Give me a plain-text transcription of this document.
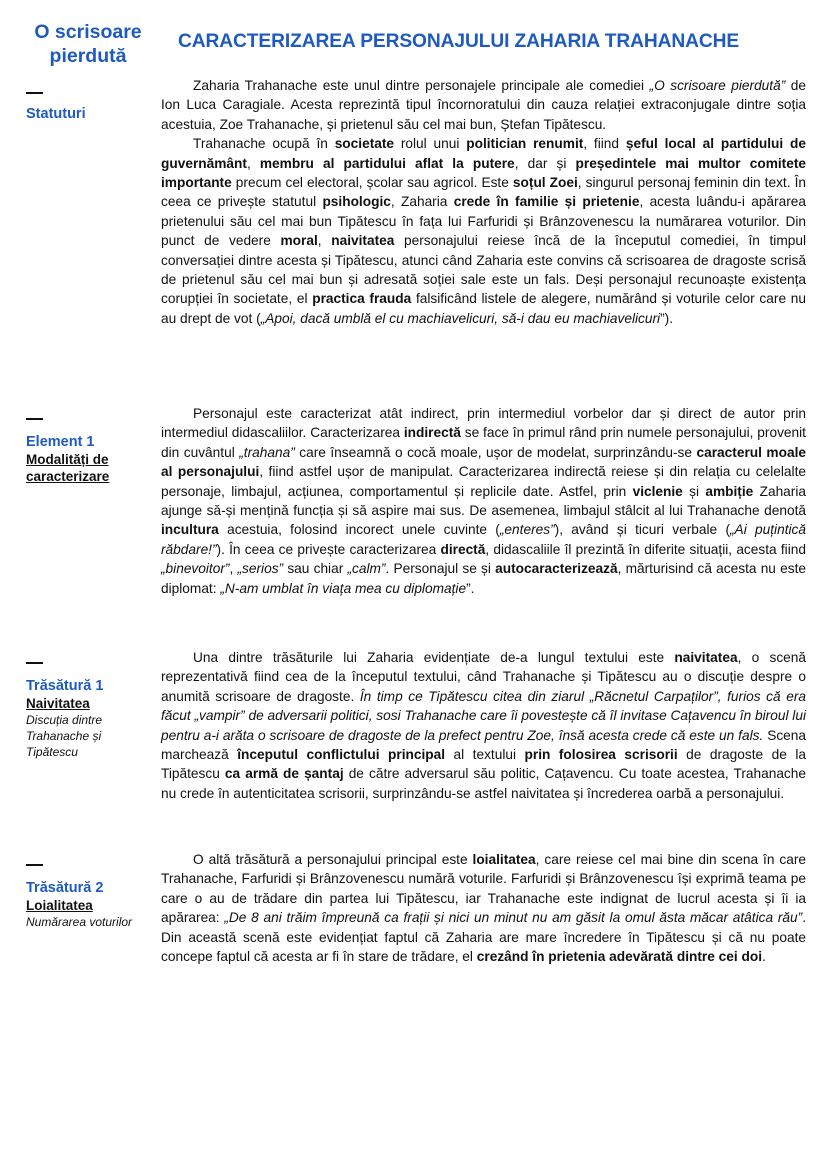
O scrisoare pierdută
CARACTERIZAREA PERSONAJULUI ZAHARIA TRAHANACHE
Statuturi
Element 1
Modalități de caracterizare
Trăsătură 1
Naivitatea
Discuția dintre Trahanache și Tipătescu
Trăsătură 2
Loialitatea
Numărarea voturilor

Zaharia Trahanache este unul dintre personajele principale ale comediei „O scrisoare pierdută” de Ion Luca Caragiale. Acesta reprezintă tipul încornoratului din cauza relației extraconjugale dintre soția acestuia, Zoe Trahanache, și prietenul său cel mai bun, Ștefan Tipătescu.

Trahanache ocupă în societate rolul unui politician renumit, fiind șeful local al partidului de guvernământ, membru al partidului aflat la putere, dar și președintele mai multor comitete importante precum cel electoral, școlar sau agricol. Este soțul Zoei, singurul personaj feminin din text. În ceea ce privește statutul psihologic, Zaharia crede în familie și prietenie, acesta luându-i apărarea prietenului său cel mai bun Tipătescu în fața lui Farfuridi și Brânzovenescu la numărarea voturilor. Din punct de vedere moral, naivitatea personajului reiese încă de la începutul comediei, în timpul conversației dintre acesta și Tipătescu, atunci când Zaharia este convins că scrisoarea de dragoste scrisă de prietenul său cel mai bun și adresată soției sale este un fals. Deși personajul recunoaște existența corupției în societate, el practica frauda falsificând listele de alegere, numărând și voturile celor care nu au drept de vot („Apoi, dacă umblă el cu machiavelicuri, să-i dau eu machiavelicuri”).

Personajul este caracterizat atât indirect, prin intermediul vorbelor dar și direct de autor prin intermediul didascaliilor. Caracterizarea indirectă se face în primul rând prin numele personajului, provenit din cuvântul „trahana” care înseamnă o cocă moale, ușor de modelat, surprinzându-se caracterul moale al personajului, fiind astfel ușor de manipulat. Caracterizarea indirectă reiese și din relația cu celelalte personaje, limbajul, acțiunea, comportamentul și replicile date. Astfel, prin viclenie și ambiție Zaharia ajunge să-și mențină funcția și să aspire mai sus. De asemenea, limbajul stâlcit al lui Trahanache denotă incultura acestuia, folosind incorect unele cuvinte („enteres”), având și ticuri verbale („Ai puțintică răbdare!”). În ceea ce privește caracterizarea directă, didascaliile îl prezintă în diferite situații, acesta fiind „binevoitor”, „serios” sau chiar „calm”. Personajul se și autocaracterizează, mărturisind că acesta nu este diplomat: „N-am umblat în viața mea cu diplomație”.

Una dintre trăsăturile lui Zaharia evidențiate de-a lungul textului este naivitatea, o scenă reprezentativă fiind cea de la începutul textului, când Trahanache și Tipătescu au o discuție despre o anumită scrisoare de dragoste. În timp ce Tipătescu citea din ziarul „Răcnetul Carpaților”, furios că era făcut „vampir” de adversarii politici, sosi Trahanache care îi povestește că îl invitase Cațavencu în biroul lui pentru a-i arăta o scrisoare de dragoste de la prefect pentru Zoe, însă acesta crede că este un fals. Scena marchează începutul conflictului principal al textului prin folosirea scrisorii de dragoste de la Tipătescu ca armă de șantaj de către adversarul său politic, Cațavencu. Cu toate acestea, Trahanache nu crede în autenticitatea scrisorii, surprinzându-se astfel naivitatea și încrederea oarbă a personajului.

O altă trăsătură a personajului principal este loialitatea, care reiese cel mai bine din scena în care Trahanache, Farfuridi și Brânzovenescu numără voturile. Farfuridi și Brânzovenescu își exprimă teama pe care o au de trădare din partea lui Tipătescu, iar Trahanache este indignat de lucrul acesta și îi ia apărarea: „De 8 ani trăim împreună ca frații și nici un minut nu am găsit la omul ăsta măcar atâtica rău”. Din această scenă este evidențiat faptul că Zaharia are mare încredere în Tipătescu și că nu poate concepe faptul că acesta ar fi în stare de trădare, el crezând în prietenia adevărată dintre cei doi.
